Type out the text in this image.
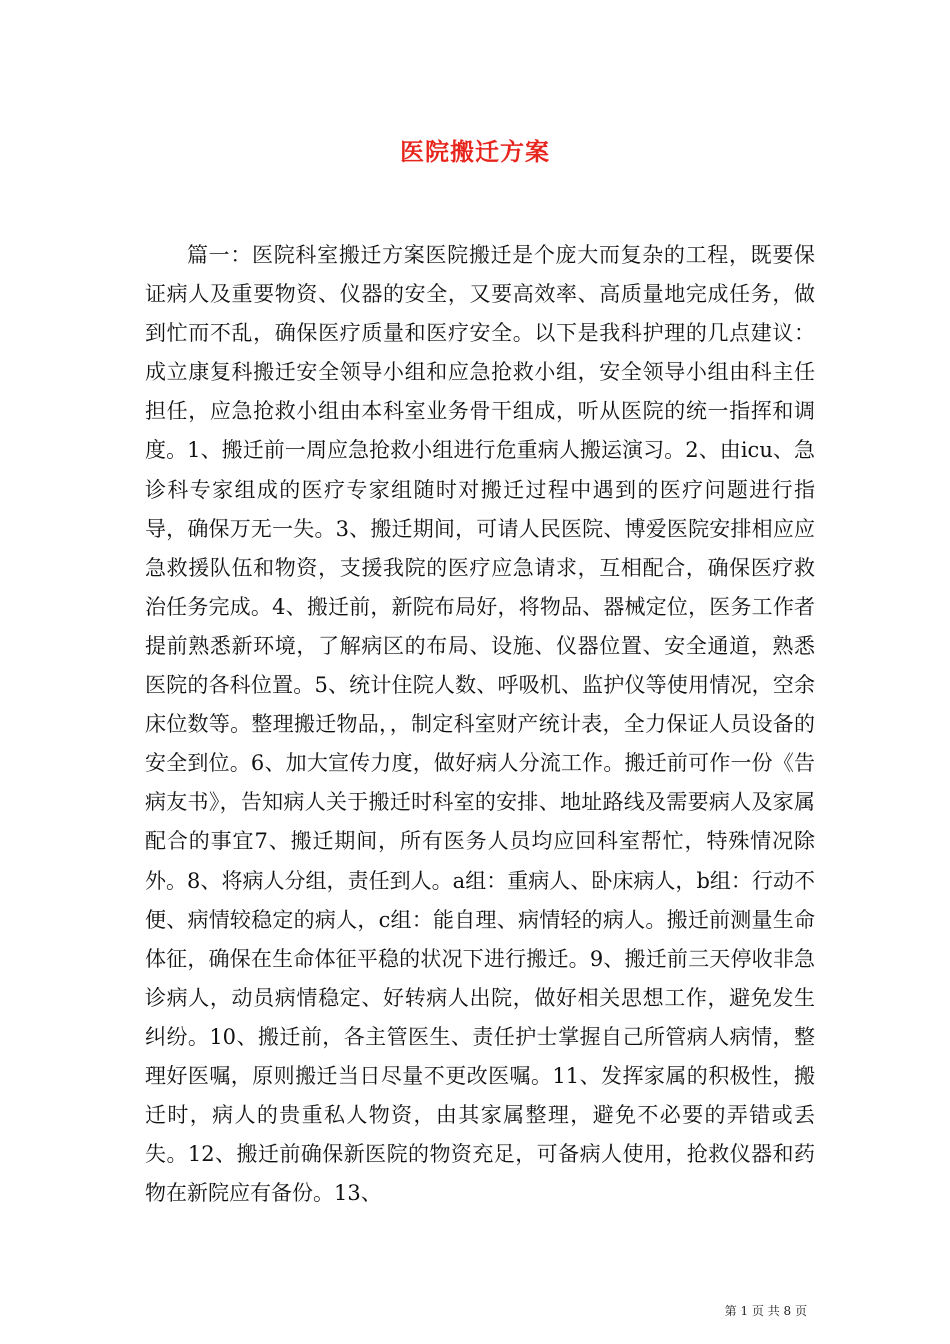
医院搬迁方案

篇一：医院科室搬迁方案医院搬迁是个庞大而复杂的工程，既要保证病人及重要物资、仪器的安全，又要高效率、高质量地完成任务，做到忙而不乱，确保医疗质量和医疗安全。以下是我科护理的几点建议：成立康复科搬迁安全领导小组和应急抢救小组，安全领导小组由科主任担任，应急抢救小组由本科室业务骨干组成，听从医院的统一指挥和调度。1、搬迁前一周应急抢救小组进行危重病人搬运演习。2、由icu、急诊科专家组成的医疗专家组随时对搬迁过程中遇到的医疗问题进行指导，确保万无一失。3、搬迁期间，可请人民医院、博爱医院安排相应应急救援队伍和物资，支援我院的医疗应急请求，互相配合，确保医疗救治任务完成。4、搬迁前，新院布局好，将物品、器械定位，医务工作者提前熟悉新环境，了解病区的布局、设施、仪器位置、安全通道，熟悉医院的各科位置。5、统计住院人数、呼吸机、监护仪等使用情况，空余床位数等。整理搬迁物品，，制定科室财产统计表，全力保证人员设备的安全到位。6、加大宣传力度，做好病人分流工作。搬迁前可作一份《告病友书》，告知病人关于搬迁时科室的安排、地址路线及需要病人及家属配合的事宜7、搬迁期间，所有医务人员均应回科室帮忙，特殊情况除外。8、将病人分组，责任到人。a组：重病人、卧床病人，b组：行动不便、病情较稳定的病人，c组：能自理、病情轻的病人。搬迁前测量生命体征，确保在生命体征平稳的状况下进行搬迁。9、搬迁前三天停收非急诊病人，动员病情稳定、好转病人出院，做好相关思想工作，避免发生纠纷。10、搬迁前，各主管医生、责任护士掌握自己所管病人病情，整理好医嘱，原则搬迁当日尽量不更改医嘱。11、发挥家属的积极性，搬迁时，病人的贵重私人物资，由其家属整理，避免不必要的弄错或丢失。12、搬迁前确保新医院的物资充足，可备病人使用，抢救仪器和药物在新院应有备份。13、

第 1 页 共 8 页
